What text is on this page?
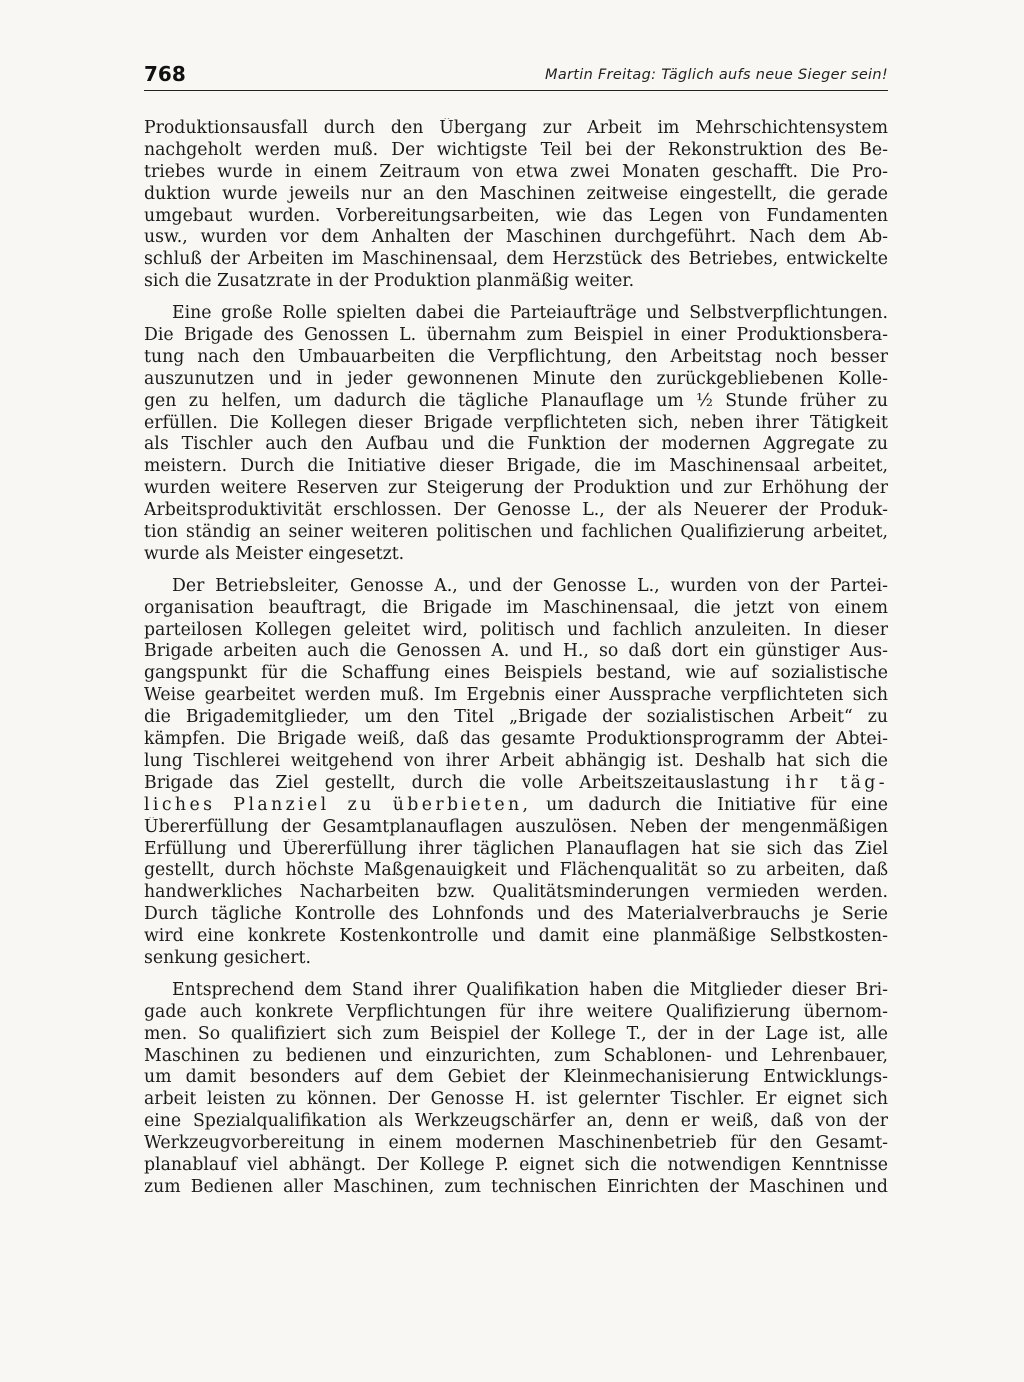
768	Martin Freitag: Täglich aufs neue Sieger sein!

Produktionsausfall durch den Übergang zur Arbeit im Mehrschichtensystem
nachgeholt werden muß. Der wichtigste Teil bei der Rekonstruktion des Be-
triebes wurde in einem Zeitraum von etwa zwei Monaten geschafft. Die Pro-
duktion wurde jeweils nur an den Maschinen zeitweise eingestellt, die gerade
umgebaut wurden. Vorbereitungsarbeiten, wie das Legen von Fundamenten
usw., wurden vor dem Anhalten der Maschinen durchgeführt. Nach dem Ab-
schluß der Arbeiten im Maschinensaal, dem Herzstück des Betriebes, entwickelte
sich die Zusatzrate in der Produktion planmäßig weiter.

Eine große Rolle spielten dabei die Parteiaufträge und Selbstverpflichtungen.
Die Brigade des Genossen L. übernahm zum Beispiel in einer Produktionsbera-
tung nach den Umbauarbeiten die Verpflichtung, den Arbeitstag noch besser
auszunutzen und in jeder gewonnenen Minute den zurückgebliebenen Kolle-
gen zu helfen, um dadurch die tägliche Planauflage um ½ Stunde früher zu
erfüllen. Die Kollegen dieser Brigade verpflichteten sich, neben ihrer Tätigkeit
als Tischler auch den Aufbau und die Funktion der modernen Aggregate zu
meistern. Durch die Initiative dieser Brigade, die im Maschinensaal arbeitet,
wurden weitere Reserven zur Steigerung der Produktion und zur Erhöhung der
Arbeitsproduktivität erschlossen. Der Genosse L., der als Neuerer der Produk-
tion ständig an seiner weiteren politischen und fachlichen Qualifizierung arbeitet,
wurde als Meister eingesetzt.

Der Betriebsleiter, Genosse A., und der Genosse L., wurden von der Partei-
organisation beauftragt, die Brigade im Maschinensaal, die jetzt von einem
parteilosen Kollegen geleitet wird, politisch und fachlich anzuleiten. In dieser
Brigade arbeiten auch die Genossen A. und H., so daß dort ein günstiger Aus-
gangspunkt für die Schaffung eines Beispiels bestand, wie auf sozialistische
Weise gearbeitet werden muß. Im Ergebnis einer Aussprache verpflichteten sich
die Brigademitglieder, um den Titel „Brigade der sozialistischen Arbeit“ zu
kämpfen. Die Brigade weiß, daß das gesamte Produktionsprogramm der Abtei-
lung Tischlerei weitgehend von ihrer Arbeit abhängig ist. Deshalb hat sich die
Brigade das Ziel gestellt, durch die volle Arbeitszeitauslastung ihr täg-
liches Planziel zu überbieten, um dadurch die Initiative für eine
Übererfüllung der Gesamtplanauflagen auszulösen. Neben der mengenmäßigen
Erfüllung und Übererfüllung ihrer täglichen Planauflagen hat sie sich das Ziel
gestellt, durch höchste Maßgenauigkeit und Flächenqualität so zu arbeiten, daß
handwerkliches Nacharbeiten bzw. Qualitätsminderungen vermieden werden.
Durch tägliche Kontrolle des Lohnfonds und des Materialverbrauchs je Serie
wird eine konkrete Kostenkontrolle und damit eine planmäßige Selbstkosten-
senkung gesichert.

Entsprechend dem Stand ihrer Qualifikation haben die Mitglieder dieser Bri-
gade auch konkrete Verpflichtungen für ihre weitere Qualifizierung übernom-
men. So qualifiziert sich zum Beispiel der Kollege T., der in der Lage ist, alle
Maschinen zu bedienen und einzurichten, zum Schablonen- und Lehrenbauer,
um damit besonders auf dem Gebiet der Kleinmechanisierung Entwicklungs-
arbeit leisten zu können. Der Genosse H. ist gelernter Tischler. Er eignet sich
eine Spezialqualifikation als Werkzeugschärfer an, denn er weiß, daß von der
Werkzeugvorbereitung in einem modernen Maschinenbetrieb für den Gesamt-
planablauf viel abhängt. Der Kollege P. eignet sich die notwendigen Kenntnisse
zum Bedienen aller Maschinen, zum technischen Einrichten der Maschinen und
